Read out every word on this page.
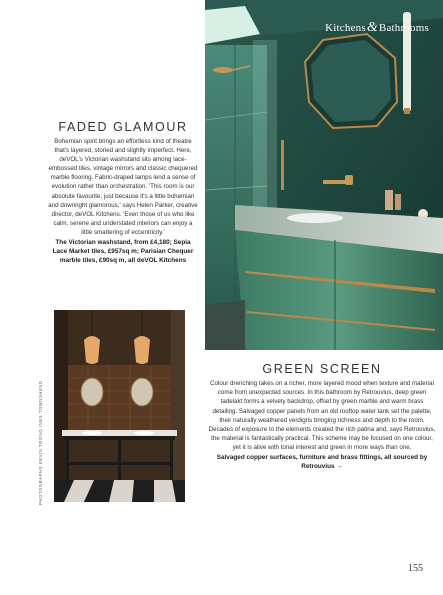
Kitchens&Bathrooms
FADED GLAMOUR

Bohemian spirit brings an effortless kind of theatre that's layered, storied and slightly imperfect. Here, deVOL's Victorian washstand sits among lace-embossed tiles, vintage mirrors and classic chequered marble flooring. Fabric-draped lamps lend a sense of evolution rather than orchestration. 'This room is our absolute favourite, just because it's a little bohemian and downright glamorous,' says Helen Parker, creative director, deVOL Kitchens. 'Even those of us who like calm, serene and understated interiors can enjoy a little smattering of eccentricity.'

The Victorian washstand, from £4,180; Sepia Lace Market tiles, £957sq m; Parisian Chequer marble tiles, £90sq m, all deVOL Kitchens

PHOTOGRAPHS KEVIN TRONG INES TOWNSHEND
GREEN SCREEN

Colour drenching takes on a richer, more layered mood when texture and material come from unexpected sources. In this bathroom by Retrouvius, deep green tadelakt forms a velvety backdrop, offset by green marble and warm brass detailing. Salvaged copper panels from an old rooftop water tank set the palette, their naturally weathered verdigris bringing richness and depth to the room. Decades of exposure to the elements created the rich patina and, says Retrouvius, the material is fantastically practical. This scheme may be focused on one colour, yet it is alive with tonal interest and green in more ways than one.

Salvaged copper surfaces, furniture and brass fittings, all sourced by Retrouvius →

155
